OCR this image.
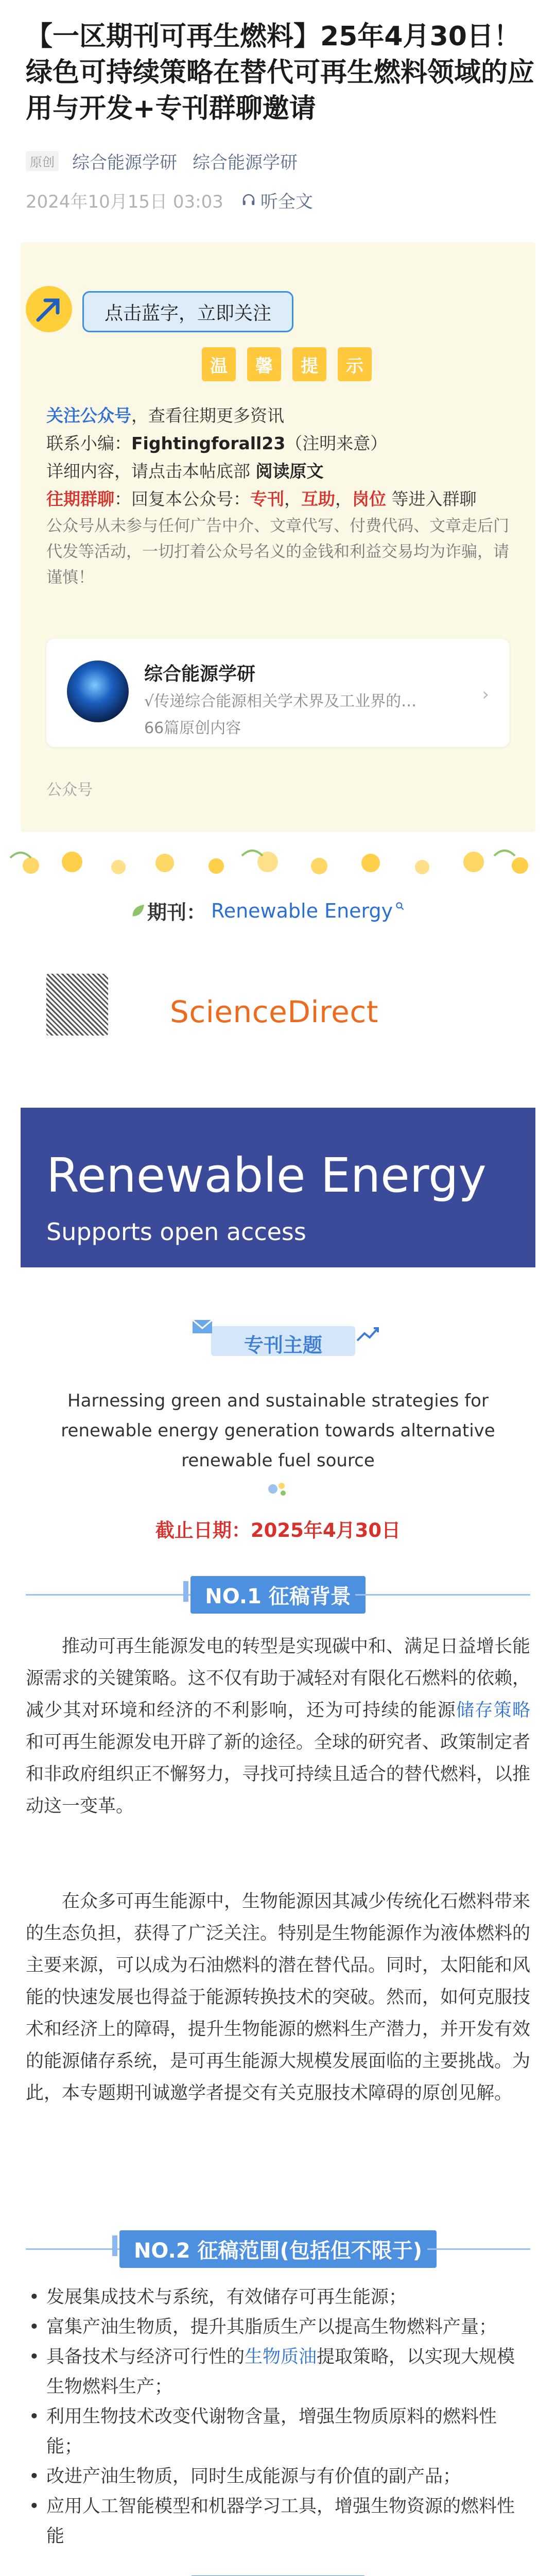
【一区期刊可再生燃料】25年4月30日！绿色可持续策略在替代可再生燃料领域的应用与开发+专刊群聊邀请
原创 综合能源学研 综合能源学研
2024年10月15日 03:03 听全文
点击蓝字，立即关注
温	馨	提	示
关注公众号，查看往期更多资讯
联系小编：Fightingforall23（注明来意）
详细内容，请点击本帖底部 阅读原文
往期群聊：回复本公众号：专刊，互助，岗位 等进入群聊
公众号从未参与任何广告中介、文章代写、付费代码、文章走后门代发等活动，一切打着公众号名义的金钱和利益交易均为诈骗，请谨慎！
综合能源学研
√传递综合能源相关学术界及工业界的…
66篇原创内容
›
公众号
期刊： Renewable Energy
ScienceDirect
Renewable Energy
Supports open access
专刊主题
Harnessing green and sustainable strategies for renewable energy generation towards alternative renewable fuel source
截止日期：2025年4月30日
NO.1 征稿背景
推动可再生能源发电的转型是实现碳中和、满足日益增长能源需求的关键策略。这不仅有助于减轻对有限化石燃料的依赖，减少其对环境和经济的不利影响，还为可持续的能源储存策略和可再生能源发电开辟了新的途径。全球的研究者、政策制定者和非政府组织正不懈努力，寻找可持续且适合的替代燃料，以推动这一变革。
在众多可再生能源中，生物能源因其减少传统化石燃料带来的生态负担，获得了广泛关注。特别是生物能源作为液体燃料的主要来源，可以成为石油燃料的潜在替代品。同时，太阳能和风能的快速发展也得益于能源转换技术的突破。然而，如何克服技术和经济上的障碍，提升生物能源的燃料生产潜力，并开发有效的能源储存系统，是可再生能源大规模发展面临的主要挑战。为此，本专题期刊诚邀学者提交有关克服技术障碍的原创见解。
NO.2 征稿范围(包括但不限于)
• 发展集成技术与系统，有效储存可再生能源；
• 富集产油生物质，提升其脂质生产以提高生物燃料产量；
• 具备技术与经济可行性的生物质油提取策略，以实现大规模生物燃料生产；
• 利用生物技术改变代谢物含量，增强生物质原料的燃料性能；
• 改进产油生物质，同时生成能源与有价值的副产品；
• 应用人工智能模型和机器学习工具，增强生物资源的燃料性能
